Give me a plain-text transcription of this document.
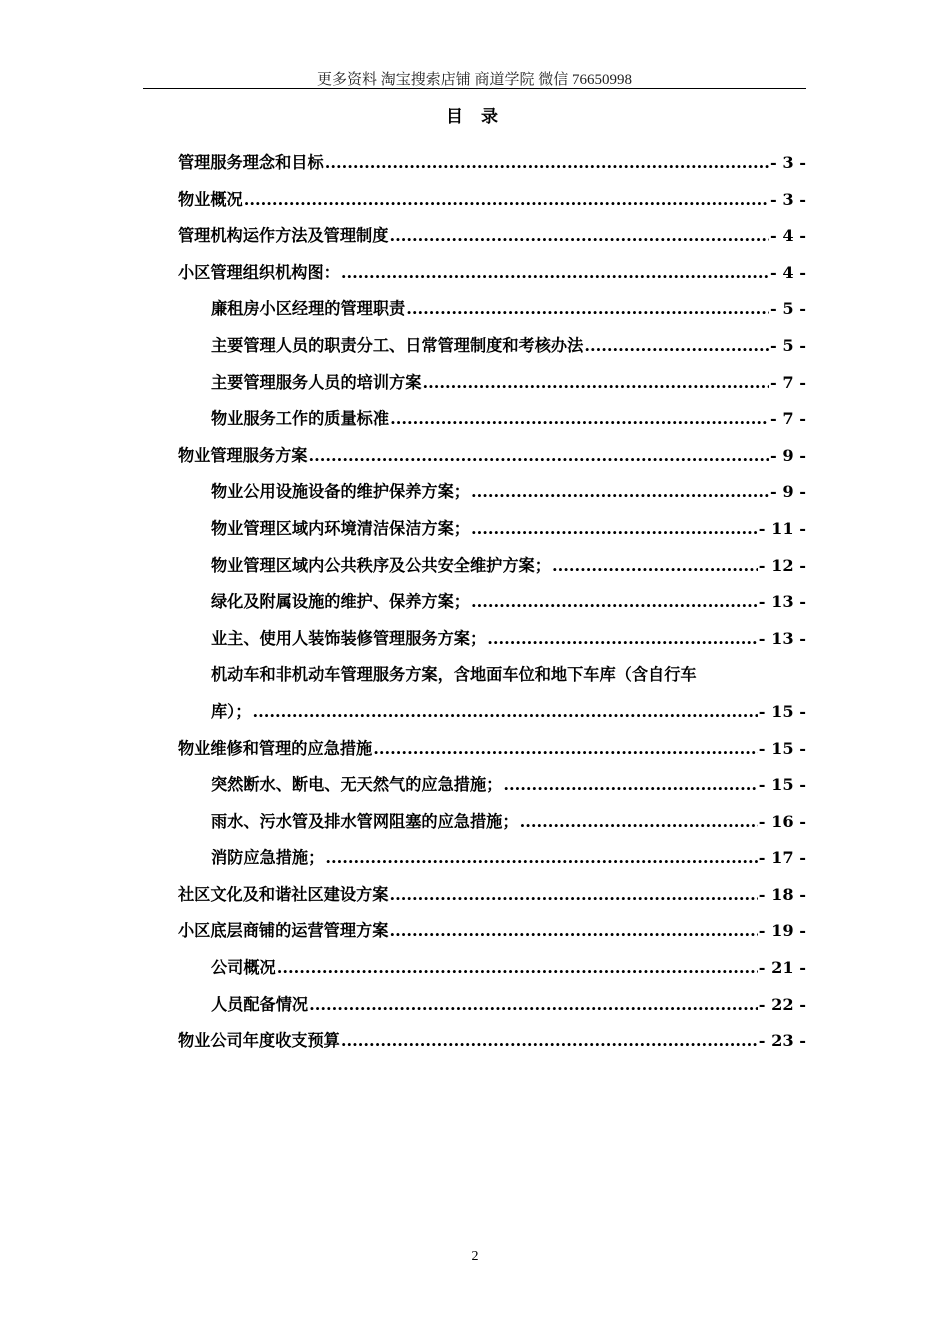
更多资料 淘宝搜索店铺 商道学院 微信 76650998
目 录
管理服务理念和目标 .....	- 3 -
物业概况 .....	- 3 -
管理机构运作方法及管理制度 .....	- 4 -
小区管理组织机构图： .....	- 4 -
廉租房小区经理的管理职责 .....	- 5 -
主要管理人员的职责分工、日常管理制度和考核办法 .....	- 5 -
主要管理服务人员的培训方案 .....	- 7 -
物业服务工作的质量标准 .....	- 7 -
物业管理服务方案 .....	- 9 -
物业公用设施设备的维护保养方案； .....	- 9 -
物业管理区域内环境清洁保洁方案； .....	- 11 -
物业管理区域内公共秩序及公共安全维护方案； .....	- 12 -
绿化及附属设施的维护、保养方案； .....	- 13 -
业主、使用人装饰装修管理服务方案； .....	- 13 -
机动车和非机动车管理服务方案，含地面车位和地下车库（含自行车
库）； .....	- 15 -
物业维修和管理的应急措施 .....	- 15 -
突然断水、断电、无天然气的应急措施； .....	- 15 -
雨水、污水管及排水管网阻塞的应急措施； .....	- 16 -
消防应急措施； .....	- 17 -
社区文化及和谐社区建设方案 .....	- 18 -
小区底层商铺的运营管理方案 .....	- 19 -
公司概况 .....	- 21 -
人员配备情况 .....	- 22 -
物业公司年度收支预算 .....	- 23 -
2
